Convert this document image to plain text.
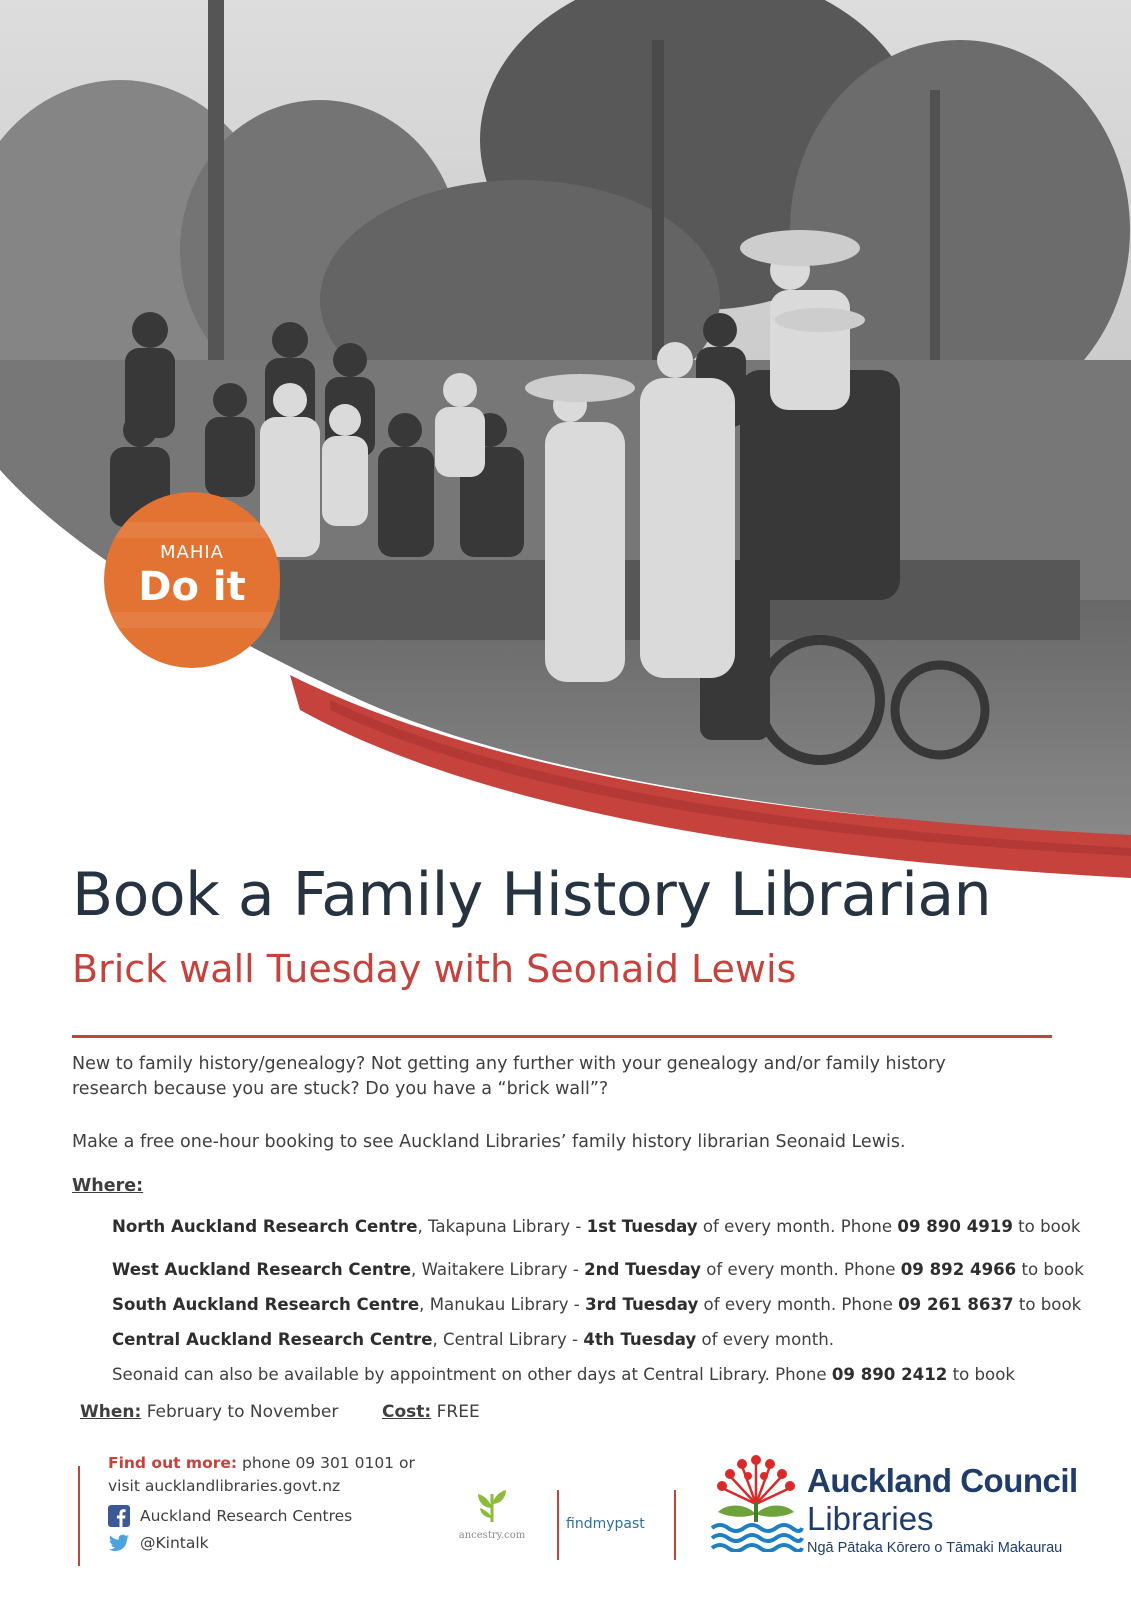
MAHIA
Do it
Book a Family History Librarian
Brick wall Tuesday with Seonaid Lewis
New to family history/genealogy? Not getting any further with your genealogy and/or family history research because you are stuck? Do you have a “brick wall”?
Make a free one-hour booking to see Auckland Libraries’ family history librarian Seonaid Lewis.
Where:
North Auckland Research Centre, Takapuna Library - 1st Tuesday of every month. Phone 09 890 4919 to book
West Auckland Research Centre, Waitakere Library - 2nd Tuesday of every month. Phone 09 892 4966 to book
South Auckland Research Centre, Manukau Library - 3rd Tuesday of every month. Phone 09 261 8637 to book
Central Auckland Research Centre, Central Library - 4th Tuesday of every month.
Seonaid can also be available by appointment on other days at Central Library. Phone 09 890 2412 to book
When: February to November	Cost: FREE
Find out more: phone 09 301 0101 or
visit aucklandlibraries.govt.nz
Auckland Research Centres
@Kintalk	ancestry.com
findmypast
Auckland Council
Libraries
Ngā Pātaka Kōrero o Tāmaki Makaurau
